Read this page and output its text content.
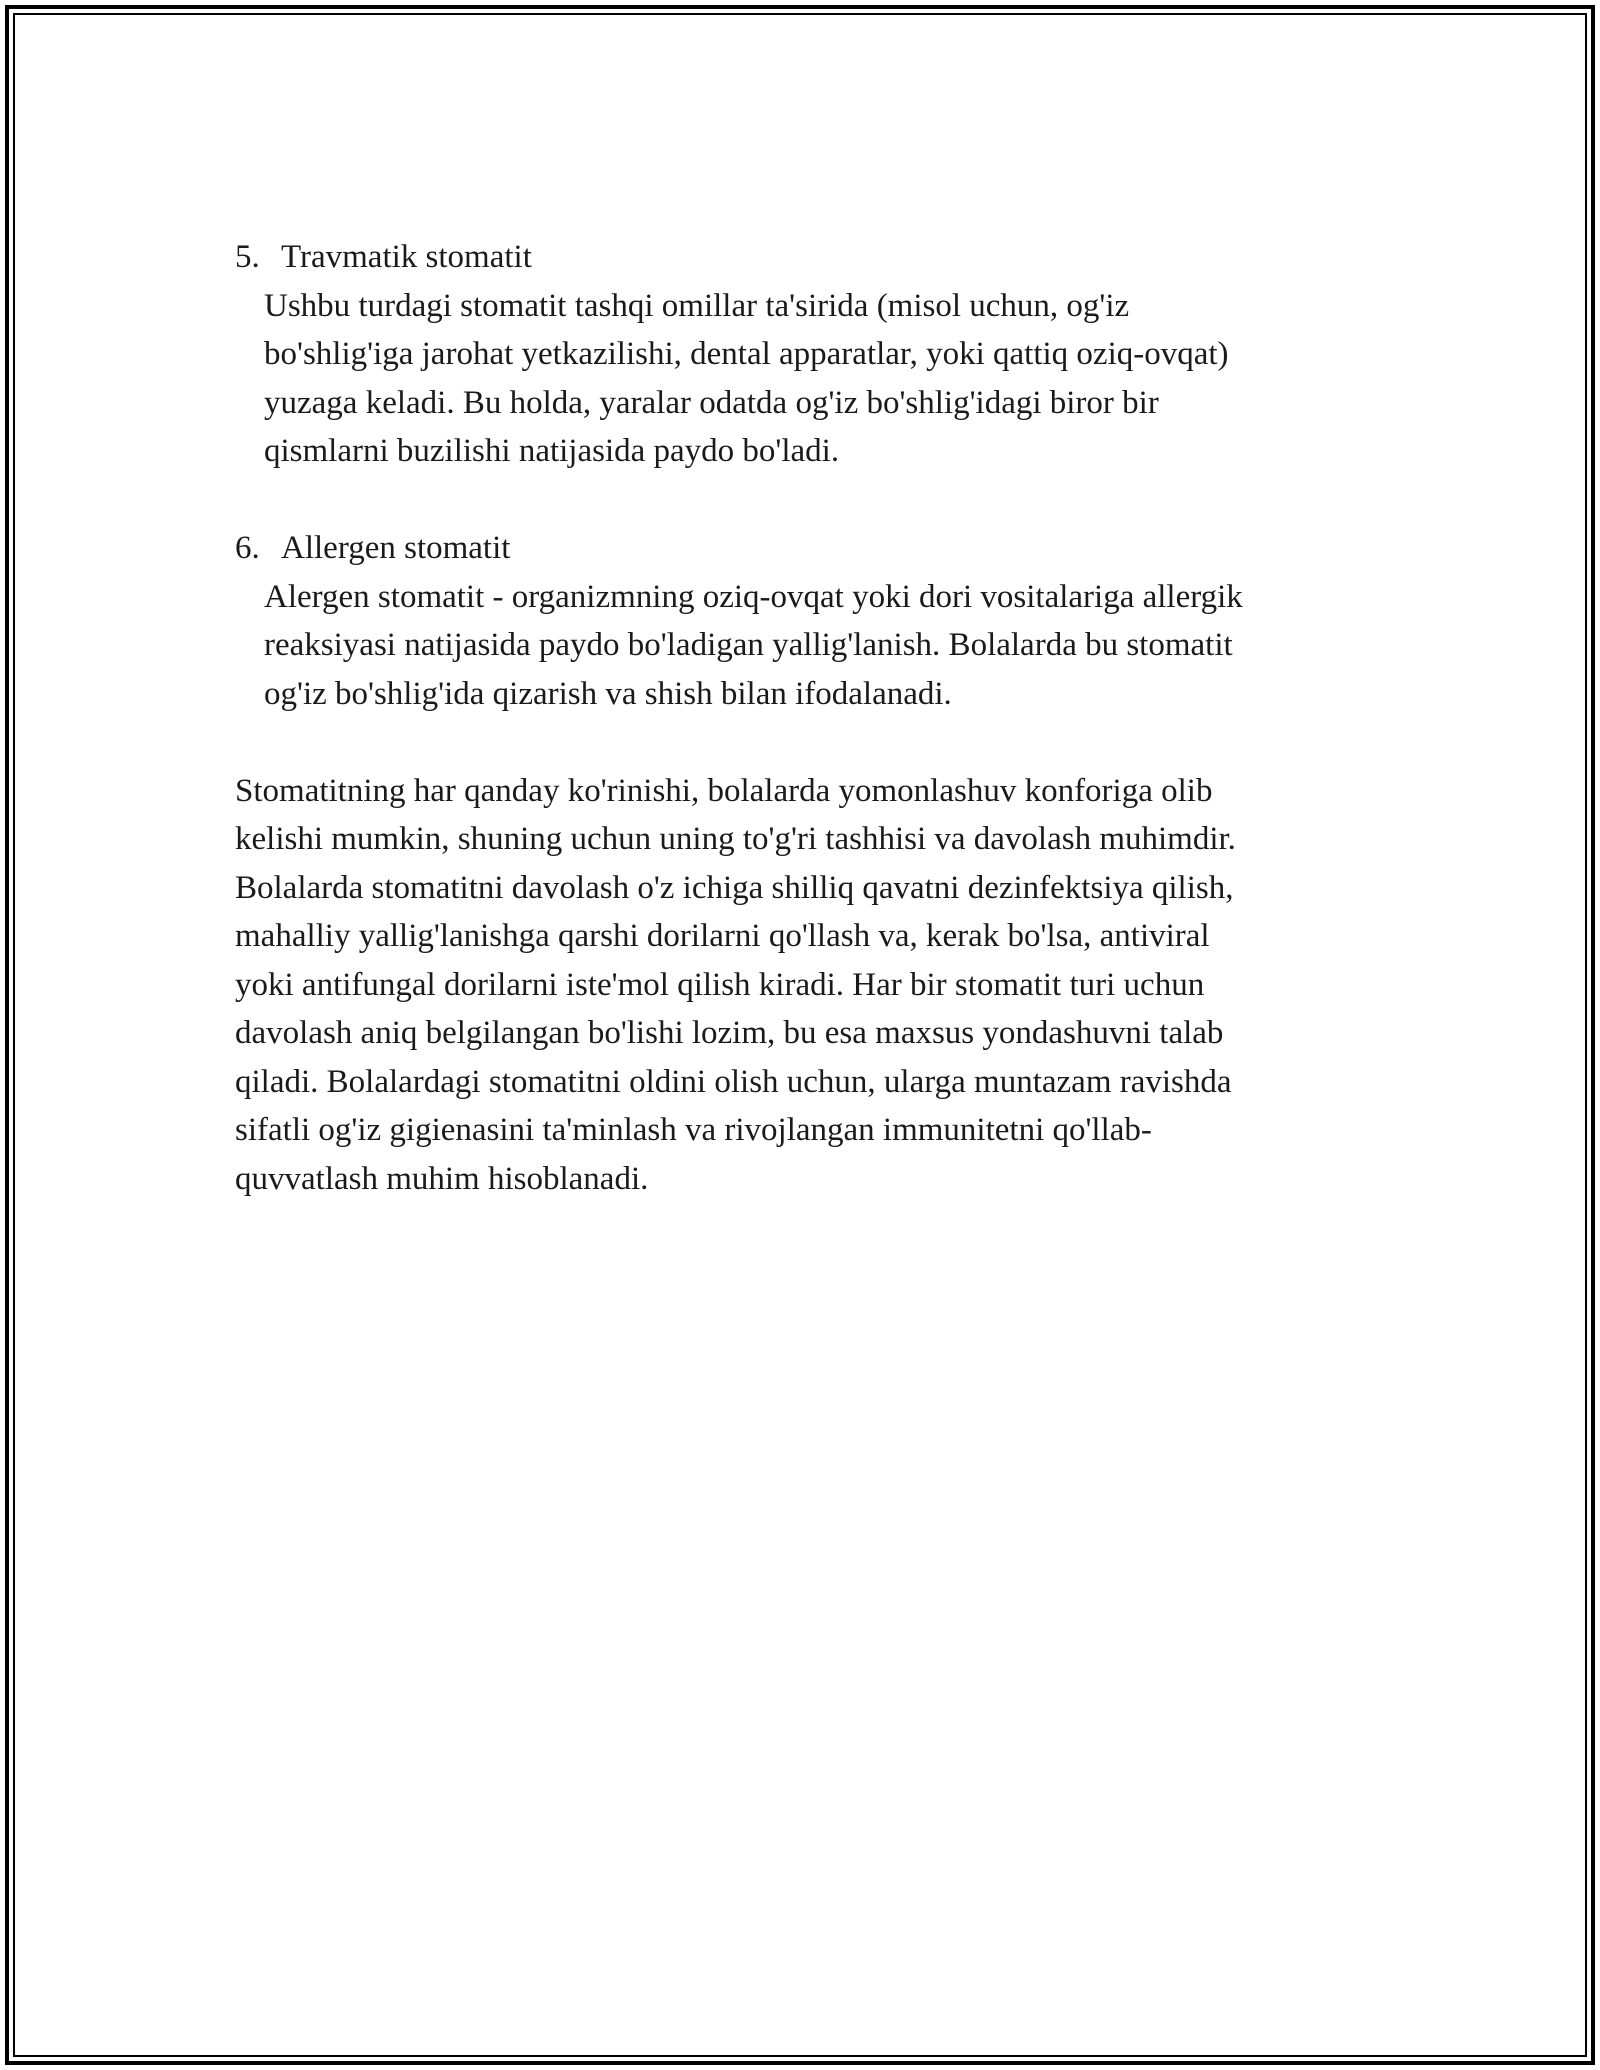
5. Travmatik stomatit

Ushbu turdagi stomatit tashqi omillar ta'sirida (misol uchun, og'iz
bo'shlig'iga jarohat yetkazilishi, dental apparatlar, yoki qattiq oziq-ovqat)
yuzaga keladi. Bu holda, yaralar odatda og'iz bo'shlig'idagi biror bir
qismlarni buzilishi natijasida paydo bo'ladi.

6. Allergen stomatit

Alergen stomatit - organizmning oziq-ovqat yoki dori vositalariga allergik
reaksiyasi natijasida paydo bo'ladigan yallig'lanish. Bolalarda bu stomatit
og'iz bo'shlig'ida qizarish va shish bilan ifodalanadi.

Stomatitning har qanday ko'rinishi, bolalarda yomonlashuv konforiga olib
kelishi mumkin, shuning uchun uning to'g'ri tashhisi va davolash muhimdir.
Bolalarda stomatitni davolash o'z ichiga shilliq qavatni dezinfektsiya qilish,
mahalliy yallig'lanishga qarshi dorilarni qo'llash va, kerak bo'lsa, antiviral
yoki antifungal dorilarni iste'mol qilish kiradi. Har bir stomatit turi uchun
davolash aniq belgilangan bo'lishi lozim, bu esa maxsus yondashuvni talab
qiladi. Bolalardagi stomatitni oldini olish uchun, ularga muntazam ravishda
sifatli og'iz gigienasini ta'minlash va rivojlangan immunitetni qo'llab-
quvvatlash muhim hisoblanadi.
